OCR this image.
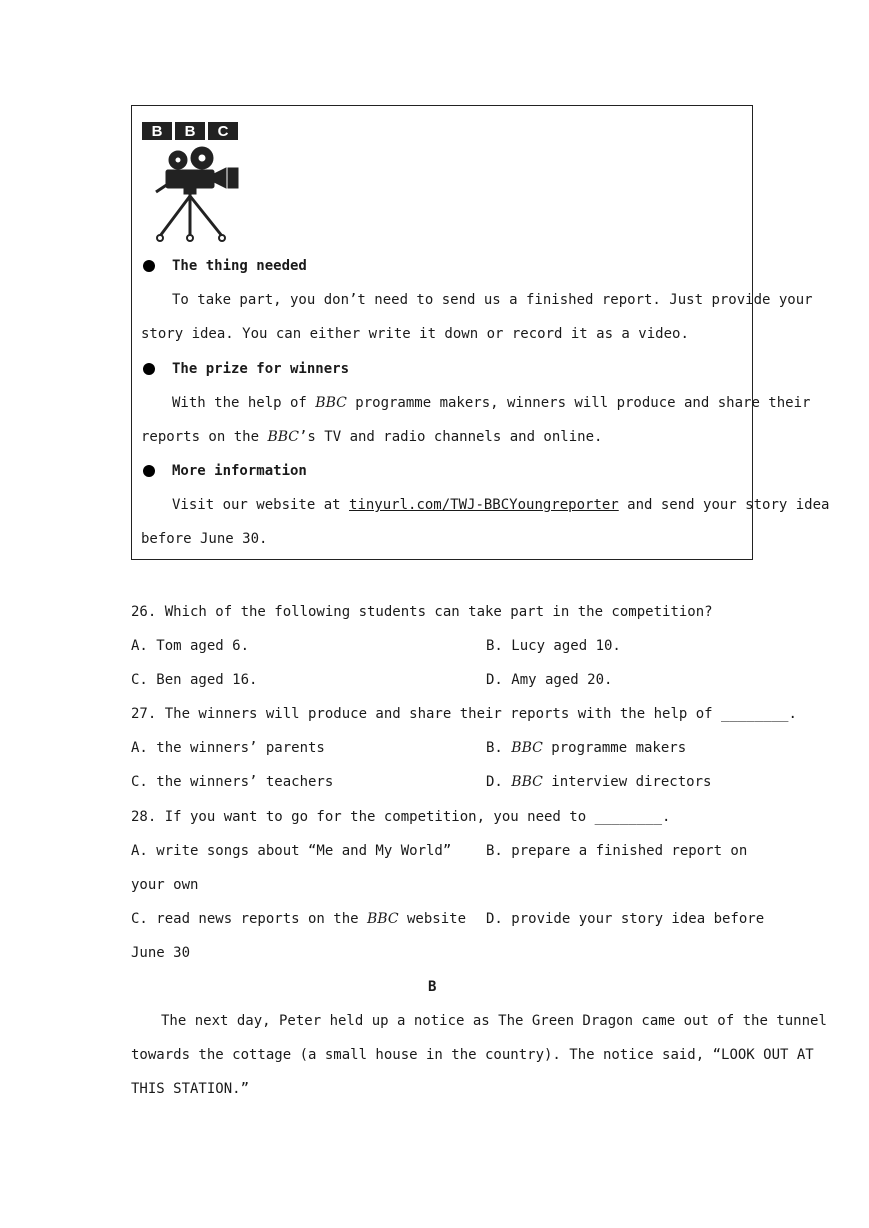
B B C
The thing needed
To take part, you don’t need to send us a finished report. Just provide your
story idea. You can either write it down or record it as a video.
The prize for winners
With the help of BBC programme makers, winners will produce and share their
reports on the BBC’s TV and radio channels and online.
More information
Visit our website at tinyurl.com/TWJ-BBCYoungreporter and send your story idea
before June 30.
26. Which of the following students can take part in the competition?
A. Tom aged 6.	B. Lucy aged 10.
C. Ben aged 16.	D. Amy aged 20.
27. The winners will produce and share their reports with the help of ________.
A. the winners’ parents	B. BBC programme makers
C. the winners’ teachers	D. BBC interview directors
28. If you want to go for the competition, you need to ________.
A. write songs about “Me and My World” B. prepare a finished report on
your own
C. read news reports on the BBC website D. provide your story idea before
June 30
B
The next day, Peter held up a notice as The Green Dragon came out of the tunnel
towards the cottage (a small house in the country). The notice said, “LOOK OUT AT
THIS STATION.”
